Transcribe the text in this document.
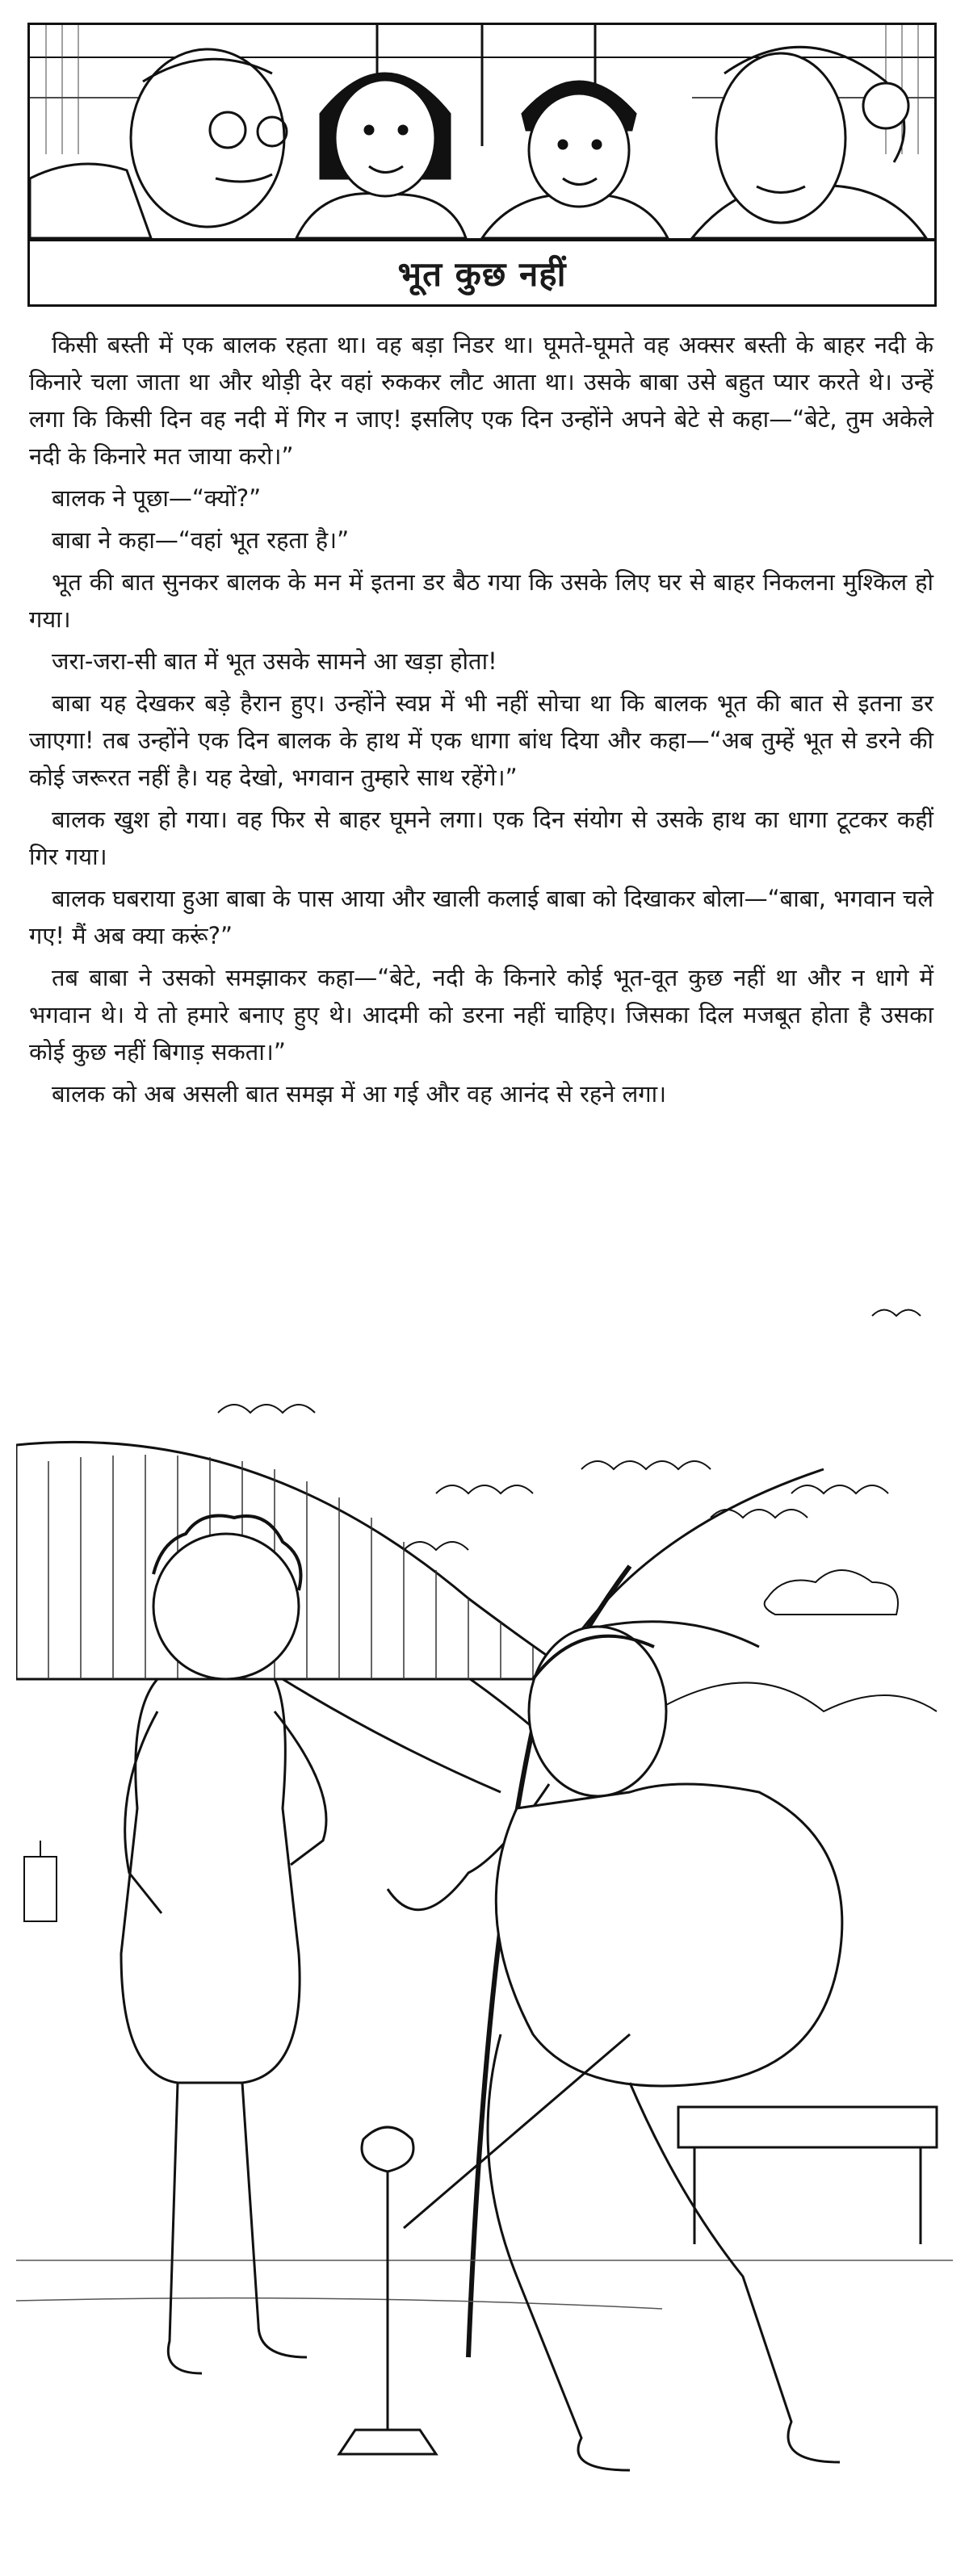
भूत कुछ नहीं

किसी बस्ती में एक बालक रहता था। वह बड़ा निडर था। घूमते-घूमते वह अक्सर बस्ती के बाहर नदी के किनारे चला जाता था और थोड़ी देर वहां रुककर लौट आता था। उसके बाबा उसे बहुत प्यार करते थे। उन्हें लगा कि किसी दिन वह नदी में गिर न जाए! इसलिए एक दिन उन्होंने अपने बेटे से कहा—“बेटे, तुम अकेले नदी के किनारे मत जाया करो।”

बालक ने पूछा—“क्यों?”

बाबा ने कहा—“वहां भूत रहता है।”

भूत की बात सुनकर बालक के मन में इतना डर बैठ गया कि उसके लिए घर से बाहर निकलना मुश्किल हो गया।

जरा-जरा-सी बात में भूत उसके सामने आ खड़ा होता!

बाबा यह देखकर बड़े हैरान हुए। उन्होंने स्वप्न में भी नहीं सोचा था कि बालक भूत की बात से इतना डर जाएगा! तब उन्होंने एक दिन बालक के हाथ में एक धागा बांध दिया और कहा—“अब तुम्हें भूत से डरने की कोई जरूरत नहीं है। यह देखो, भगवान तुम्हारे साथ रहेंगे।”

बालक खुश हो गया। वह फिर से बाहर घूमने लगा। एक दिन संयोग से उसके हाथ का धागा टूटकर कहीं गिर गया।

बालक घबराया हुआ बाबा के पास आया और खाली कलाई बाबा को दिखाकर बोला—“बाबा, भगवान चले गए! मैं अब क्या करूं?”

तब बाबा ने उसको समझाकर कहा—“बेटे, नदी के किनारे कोई भूत-वूत कुछ नहीं था और न धागे में भगवान थे। ये तो हमारे बनाए हुए थे। आदमी को डरना नहीं चाहिए। जिसका दिल मजबूत होता है उसका कोई कुछ नहीं बिगाड़ सकता।”

बालक को अब असली बात समझ में आ गई और वह आनंद से रहने लगा।
